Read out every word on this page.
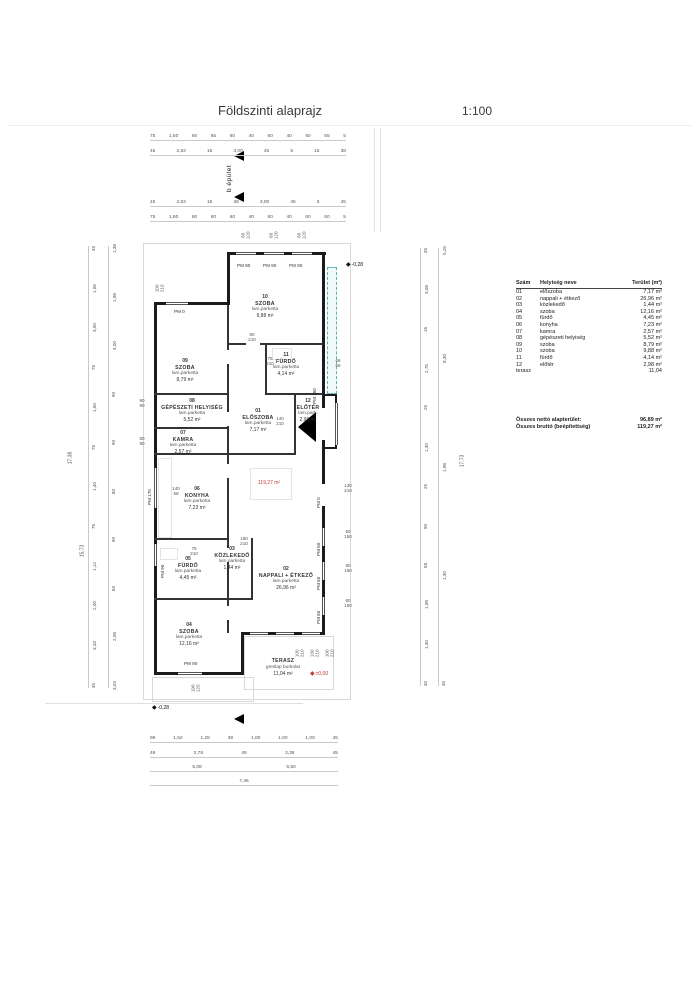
Földszinti alaprajz	1:100
b épület
10
SZOBA
lam.parketta
9,88 m²
09
SZOBA
lam.parketta
8,79 m²
11
FÜRDŐ
lam.parketta
4,14 m²
08
GÉPÉSZETI HELYISÉG
lam.parketta
5,52 m²
07
KAMRA
lam.parketta
2,57 m²
01
ELŐSZOBA
lam.parketta
7,17 m²
12
ELŐTÉR
lam.park.
2,98 m²
06
KONYHA
lam.parketta
7,23 m²
02
NAPPALI + ÉTKEZŐ
lam.parketta
26,96 m²
05
FÜRDŐ
lam.parketta
4,45 m²
03
KÖZLEKEDŐ
lam.parketta
1,44 m²
04
SZOBA
lam.parketta
12,16 m²
TERASZ
greslap burkolat
11,04 m²
PM 90	PM 90	PM 90
PM 0
PM 170
PM 90
PM 150
PM 0
PM 60
PM 60
PM 60
PM 90
90
210
75
210
140
210
140
68
160
210
75
210
100 210 130 210 100 210
130
210
60
150
60
150
60
150
68
68
100 210
190 120
60 120	60 120	60 120
90
90
80
90
◆-0,28
◆-0,28
◆±0,00
119,27 m²
75	1,50	60	65	60	40	60	40	60	65	5
45	2,63	15	3,00	45	5	15	38
45	2,63	15	38	3,00	45	5	45
75	1,80	60	60	60	40	60	40	60	60	5
98	1,52	1,28	38	1,00	1,00	1,00	45
49	2,78	49	3,38	45
5,08	5,50
7,46
17,38
15,73
45
1,55
3,00
75
1,50
75
1,40
75
1,12
2,00
3,33
45
1,38
1,98
4,00
90
90
80
90
60
2,08
3,03
45
3,08
16
2,75
25
1,40
25
90
58
1,98
1,30
45
5,25
8,30
1,98
1,30
45
17,73
Szám	Helyiség neve	Terület (m²)
01	előszoba	7,17 m²
02	nappali + étkező	26,96 m²
03	közlekedő	1,44 m²
04	szoba	12,16 m²
05	fürdő	4,45 m²
06	konyha	7,23 m²
07	kamra	2,57 m²
08	gépészeti helyiség	5,52 m²
09	szoba	8,79 m²
10	szoba	9,88 m²
11	fürdő	4,14 m²
12	előtér	2,98 m²
terasz	11,04
Összes nettó alapterület:	96,89 m²
Összes bruttó (beépítettség)	119,27 m²
